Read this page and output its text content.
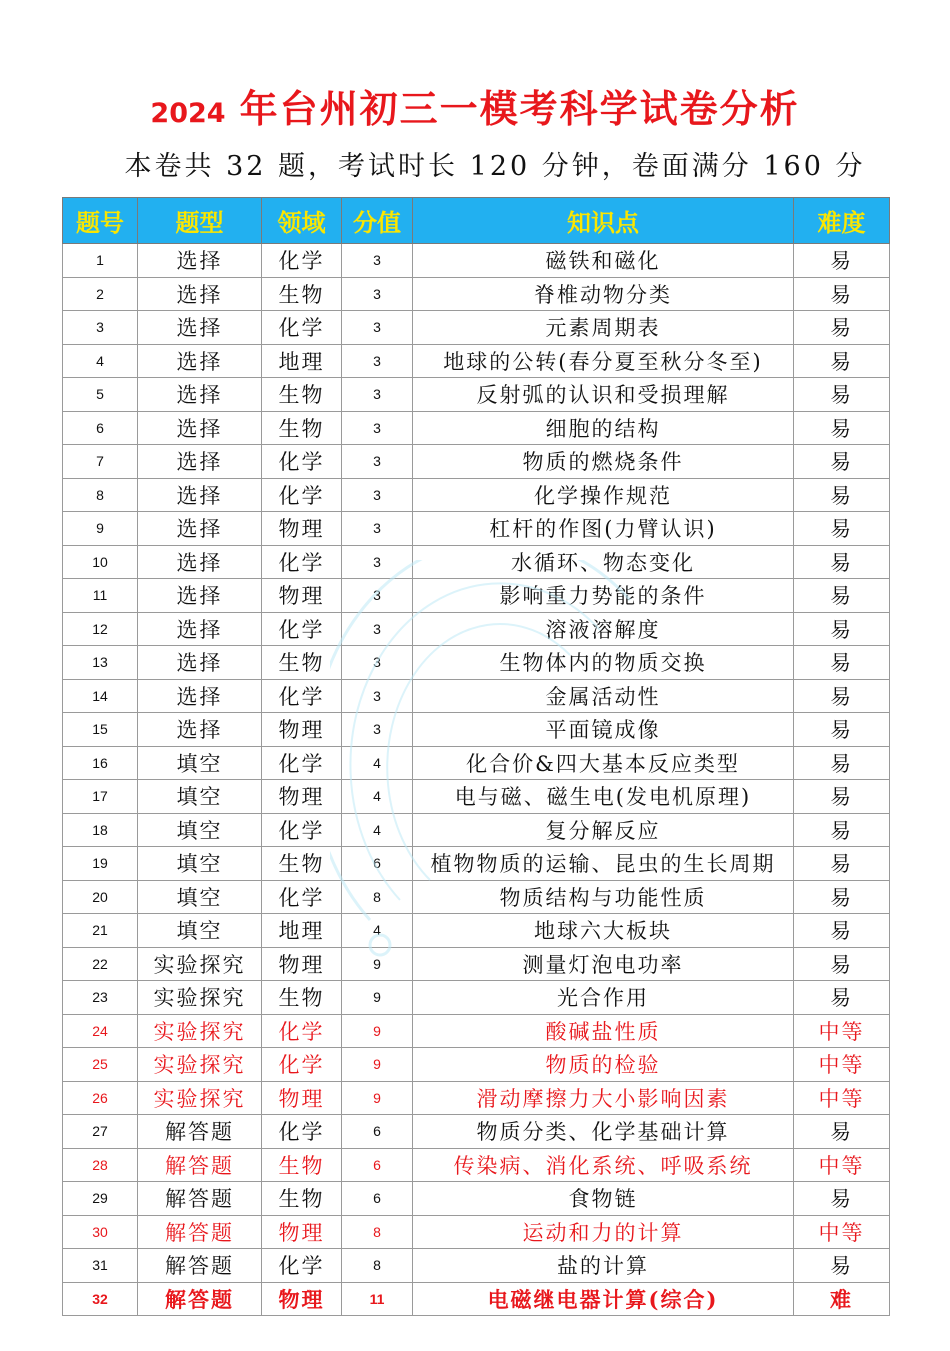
2024 年台州初三一模考科学试卷分析
本卷共 32 题，考试时长 120 分钟，卷面满分 160 分
题号	题型	领域	分值	知识点	难度
1	选择	化学	3	磁铁和磁化	易
2	选择	生物	3	脊椎动物分类	易
3	选择	化学	3	元素周期表	易
4	选择	地理	3	地球的公转(春分夏至秋分冬至)	易
5	选择	生物	3	反射弧的认识和受损理解	易
6	选择	生物	3	细胞的结构	易
7	选择	化学	3	物质的燃烧条件	易
8	选择	化学	3	化学操作规范	易
9	选择	物理	3	杠杆的作图(力臂认识)	易
10	选择	化学	3	水循环、物态变化	易
11	选择	物理	3	影响重力势能的条件	易
12	选择	化学	3	溶液溶解度	易
13	选择	生物	3	生物体内的物质交换	易
14	选择	化学	3	金属活动性	易
15	选择	物理	3	平面镜成像	易
16	填空	化学	4	化合价&四大基本反应类型	易
17	填空	物理	4	电与磁、磁生电(发电机原理)	易
18	填空	化学	4	复分解反应	易
19	填空	生物	6	植物物质的运输、昆虫的生长周期	易
20	填空	化学	8	物质结构与功能性质	易
21	填空	地理	4	地球六大板块	易
22	实验探究	物理	9	测量灯泡电功率	易
23	实验探究	生物	9	光合作用	易
24	实验探究	化学	9	酸碱盐性质	中等
25	实验探究	化学	9	物质的检验	中等
26	实验探究	物理	9	滑动摩擦力大小影响因素	中等
27	解答题	化学	6	物质分类、化学基础计算	易
28	解答题	生物	6	传染病、消化系统、呼吸系统	中等
29	解答题	生物	6	食物链	易
30	解答题	物理	8	运动和力的计算	中等
31	解答题	化学	8	盐的计算	易
32	解答题	物理	11	电磁继电器计算(综合)	难
